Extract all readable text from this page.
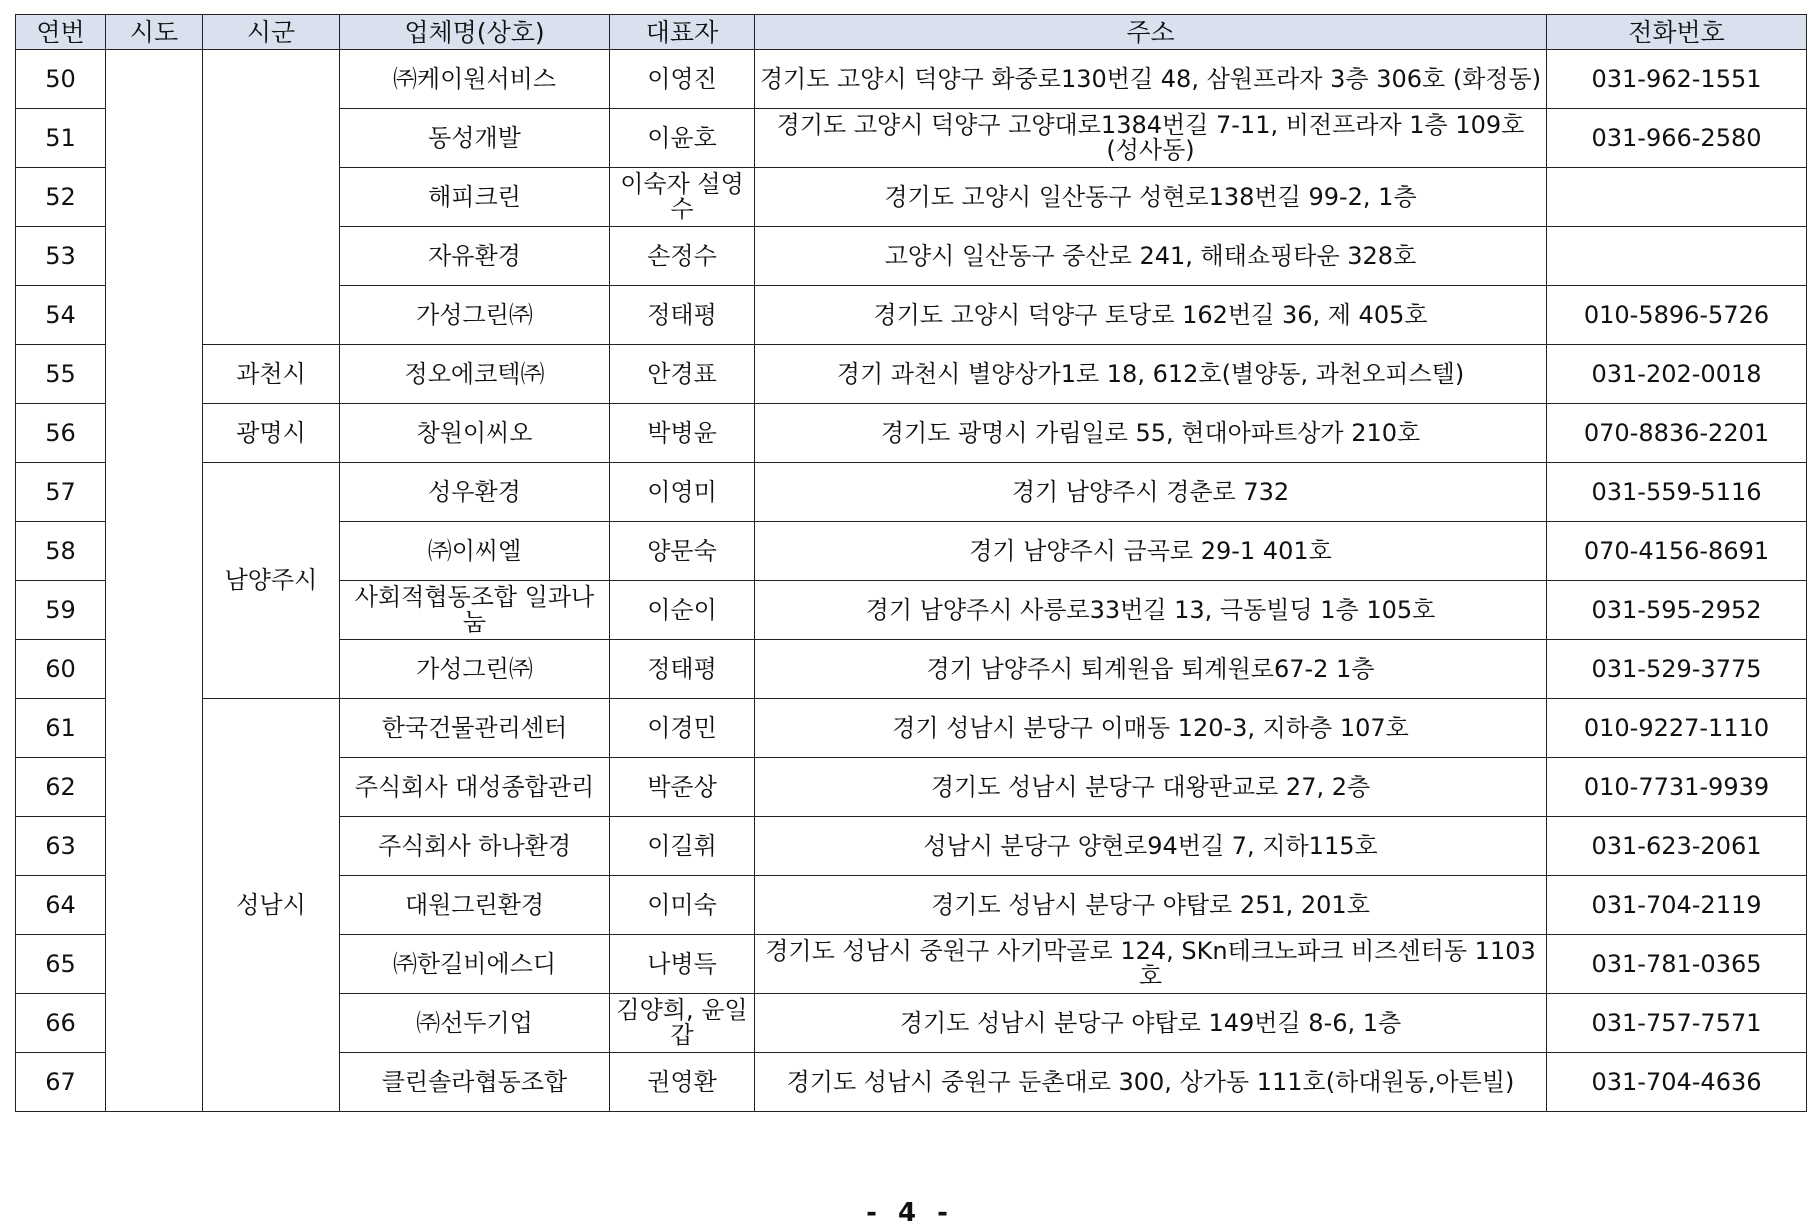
연번	시도	시군	업체명(상호)	대표자	주소	전화번호
50			㈜케이원서비스	이영진	경기도 고양시 덕양구 화중로130번길 48, 삼원프라자 3층 306호 (화정동)	031-962-1551
51			동성개발	이윤호	경기도 고양시 덕양구 고양대로1384번길 7-11, 비전프라자 1층 109호 (성사동)	031-966-2580
52			해피크린	이숙자 설영수	경기도 고양시 일산동구 성현로138번길 99-2, 1층	
53			자유환경	손정수	고양시 일산동구 중산로 241, 해태쇼핑타운 328호	
54			가성그린㈜	정태평	경기도 고양시 덕양구 토당로 162번길 36, 제 405호	010-5896-5726
55		과천시	정오에코텍㈜	안경표	경기 과천시 별양상가1로 18, 612호(별양동, 과천오피스텔)	031-202-0018
56		광명시	창원이씨오	박병윤	경기도 광명시 가림일로 55, 현대아파트상가 210호	070-8836-2201
57		남양주시	성우환경	이영미	경기 남양주시 경춘로 732	031-559-5116
58			㈜이씨엘	양문숙	경기 남양주시 금곡로 29-1 401호	070-4156-8691
59			사회적협동조합 일과나눔	이순이	경기 남양주시 사릉로33번길 13, 극동빌딩 1층 105호	031-595-2952
60			가성그린㈜	정태평	경기 남양주시 퇴계원읍 퇴계원로67-2 1층	031-529-3775
61		성남시	한국건물관리센터	이경민	경기 성남시 분당구 이매동 120-3, 지하층 107호	010-9227-1110
62			주식회사 대성종합관리	박준상	경기도 성남시 분당구 대왕판교로 27, 2층	010-7731-9939
63			주식회사 하나환경	이길휘	성남시 분당구 양현로94번길 7, 지하115호	031-623-2061
64			대원그린환경	이미숙	경기도 성남시 분당구 야탑로 251, 201호	031-704-2119
65			㈜한길비에스디	나병득	경기도 성남시 중원구 사기막골로 124, SKn테크노파크 비즈센터동 1103호	031-781-0365
66			㈜선두기업	김양희, 윤일갑	경기도 성남시 분당구 야탑로 149번길 8-6, 1층	031-757-7571
67			클린솔라협동조합	권영환	경기도 성남시 중원구 둔촌대로 300, 상가동 111호(하대원동,아튼빌)	031-704-4636
- 4 -
